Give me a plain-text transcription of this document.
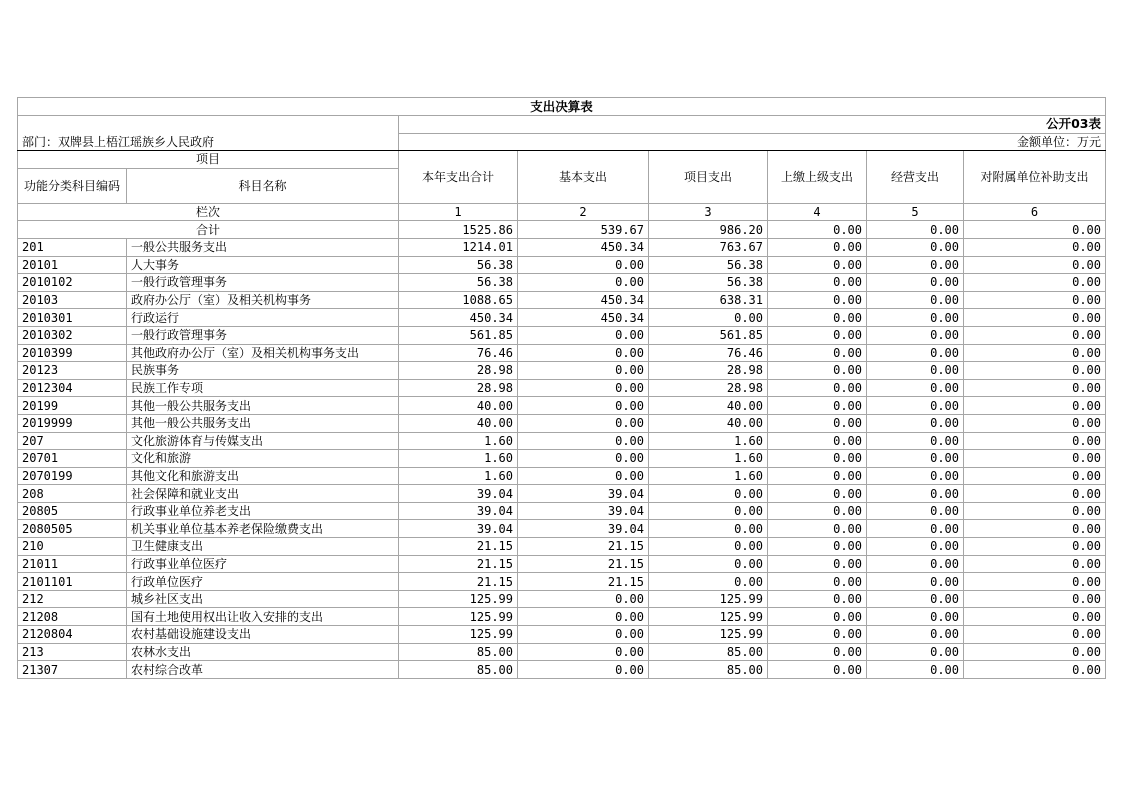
支出决算表							
		公开03表					
部门：双牌县上梧江瑶族乡人民政府		金额单位：万元					
项目		本年支出合计	基本支出	项目支出	上缴上级支出	经营支出	对附属单位补助支出
功能分类科目编码	科目名称						
栏次		1	2	3	4	5	6
合计		1525.86	539.67	986.20	0.00	0.00	0.00
201	一般公共服务支出	1214.01	450.34	763.67	0.00	0.00	0.00
20101	人大事务	56.38	0.00	56.38	0.00	0.00	0.00
2010102	一般行政管理事务	56.38	0.00	56.38	0.00	0.00	0.00
20103	政府办公厅（室）及相关机构事务	1088.65	450.34	638.31	0.00	0.00	0.00
2010301	行政运行	450.34	450.34	0.00	0.00	0.00	0.00
2010302	一般行政管理事务	561.85	0.00	561.85	0.00	0.00	0.00
2010399	其他政府办公厅（室）及相关机构事务支出	76.46	0.00	76.46	0.00	0.00	0.00
20123	民族事务	28.98	0.00	28.98	0.00	0.00	0.00
2012304	民族工作专项	28.98	0.00	28.98	0.00	0.00	0.00
20199	其他一般公共服务支出	40.00	0.00	40.00	0.00	0.00	0.00
2019999	其他一般公共服务支出	40.00	0.00	40.00	0.00	0.00	0.00
207	文化旅游体育与传媒支出	1.60	0.00	1.60	0.00	0.00	0.00
20701	文化和旅游	1.60	0.00	1.60	0.00	0.00	0.00
2070199	其他文化和旅游支出	1.60	0.00	1.60	0.00	0.00	0.00
208	社会保障和就业支出	39.04	39.04	0.00	0.00	0.00	0.00
20805	行政事业单位养老支出	39.04	39.04	0.00	0.00	0.00	0.00
2080505	机关事业单位基本养老保险缴费支出	39.04	39.04	0.00	0.00	0.00	0.00
210	卫生健康支出	21.15	21.15	0.00	0.00	0.00	0.00
21011	行政事业单位医疗	21.15	21.15	0.00	0.00	0.00	0.00
2101101	行政单位医疗	21.15	21.15	0.00	0.00	0.00	0.00
212	城乡社区支出	125.99	0.00	125.99	0.00	0.00	0.00
21208	国有土地使用权出让收入安排的支出	125.99	0.00	125.99	0.00	0.00	0.00
2120804	农村基础设施建设支出	125.99	0.00	125.99	0.00	0.00	0.00
213	农林水支出	85.00	0.00	85.00	0.00	0.00	0.00
21307	农村综合改革	85.00	0.00	85.00	0.00	0.00	0.00
